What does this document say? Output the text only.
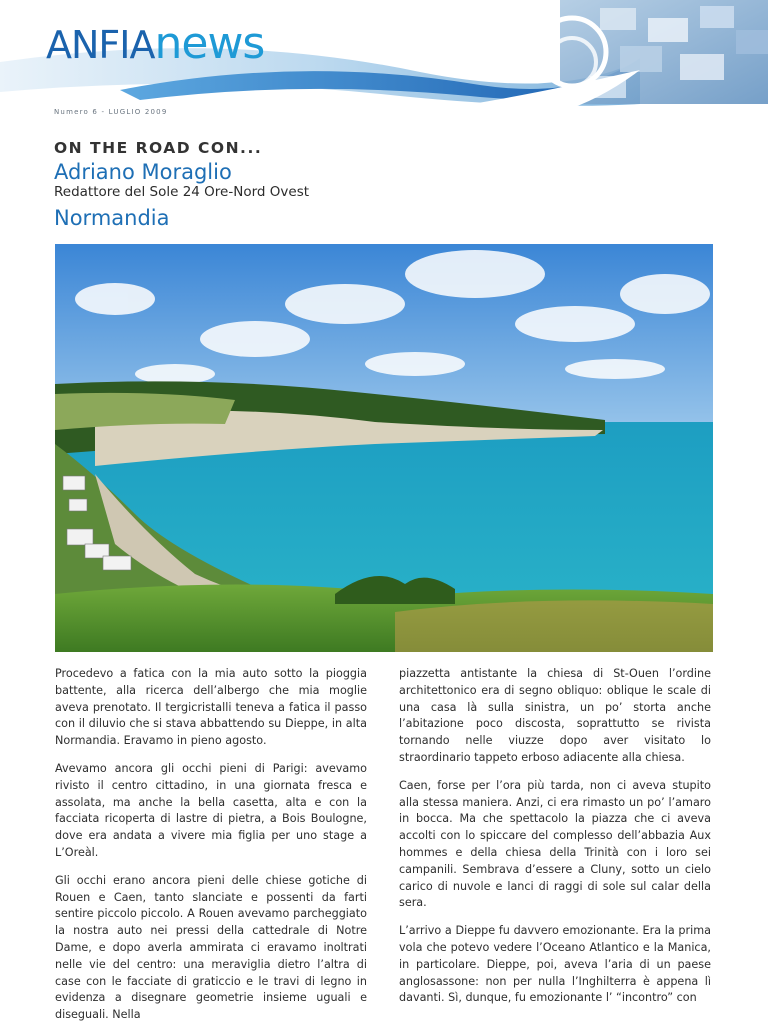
ANFIAnews
Numero 6 - LUGLIO 2009
ON THE ROAD CON...
Adriano Moraglio
Redattore del Sole 24 Ore-Nord Ovest
Normandia

Procedevo a fatica con la mia auto sotto la pioggia battente, alla ricerca dell’albergo che mia moglie aveva prenotato. Il tergicristalli teneva a fatica il passo con il diluvio che si stava abbattendo su Dieppe, in alta Normandia. Eravamo in pieno agosto.

Avevamo ancora gli occhi pieni di Parigi: avevamo rivisto il centro cittadino, in una giornata fresca e assolata, ma anche la bella casetta, alta e con la facciata ricoperta di lastre di pietra, a Bois Boulogne, dove era andata a vivere mia figlia per uno stage a L’Oreàl.

Gli occhi erano ancora pieni delle chiese gotiche di Rouen e Caen, tanto slanciate e possenti da farti sentire piccolo piccolo. A Rouen avevamo parcheggiato la nostra auto nei pressi della cattedrale di Notre Dame, e dopo averla ammirata ci eravamo inoltrati nelle vie del centro: una meraviglia dietro l’altra di case con le facciate di graticcio e le travi di legno in evidenza a disegnare geometrie insieme uguali e diseguali. Nella

piazzetta antistante la chiesa di St-Ouen l’ordine architettonico era di segno obliquo: oblique le scale di una casa là sulla sinistra, un po’ storta anche l’abitazione poco discosta, soprattutto se rivista tornando nelle viuzze dopo aver visitato lo straordinario tappeto erboso adiacente alla chiesa.

Caen, forse per l’ora più tarda, non ci aveva stupito alla stessa maniera. Anzi, ci era rimasto un po’ l’amaro in bocca. Ma che spettacolo la piazza che ci aveva accolti con lo spiccare del complesso dell’abbazia Aux hommes e della chiesa della Trinità con i loro sei campanili. Sembrava d’essere a Cluny, sotto un cielo carico di nuvole e lanci di raggi di sole sul calar della sera.

L’arrivo a Dieppe fu davvero emozionante. Era la prima vola che potevo vedere l’Oceano Atlantico e la Manica, in particolare. Dieppe, poi, aveva l’aria di un paese anglosassone: non per nulla l’Inghilterra è appena lì davanti. Sì, dunque, fu emozionante l’ “incontro” con
